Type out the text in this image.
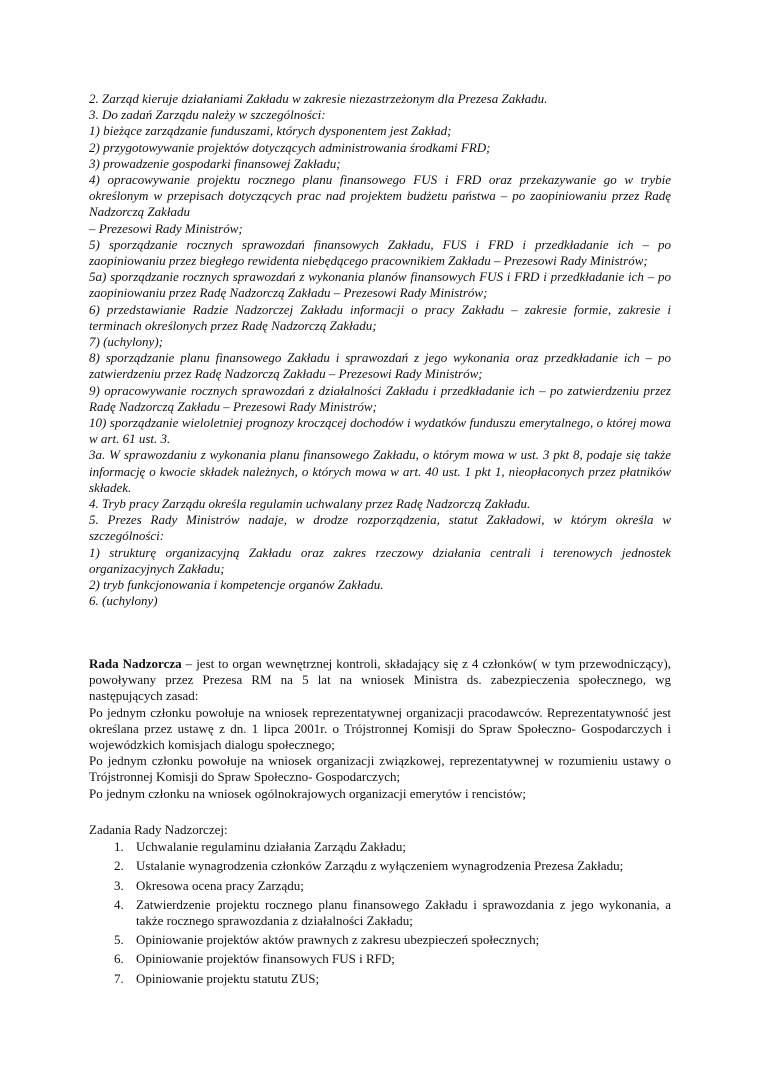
2. Zarząd kieruje działaniami Zakładu w zakresie niezastrzeżonym dla Prezesa Zakładu.

3. Do zadań Zarządu należy w szczególności:

1) bieżące zarządzanie funduszami, których dysponentem jest Zakład;

2) przygotowywanie projektów dotyczących administrowania środkami FRD;

3) prowadzenie gospodarki finansowej Zakładu;

4) opracowywanie projektu rocznego planu finansowego FUS i FRD oraz przekazywanie go w trybie określonym w przepisach dotyczących prac nad projektem budżetu państwa – po zaopiniowaniu przez Radę Nadzorczą Zakładu

– Prezesowi Rady Ministrów;

5) sporządzanie rocznych sprawozdań finansowych Zakładu, FUS i FRD i przedkładanie ich – po zaopiniowaniu przez biegłego rewidenta niebędącego pracownikiem Zakładu – Prezesowi Rady Ministrów;

5a) sporządzanie rocznych sprawozdań z wykonania planów finansowych FUS i FRD i przedkładanie ich – po zaopiniowaniu przez Radę Nadzorczą Zakładu – Prezesowi Rady Ministrów;

6) przedstawianie Radzie Nadzorczej Zakładu informacji o pracy Zakładu – zakresie formie, zakresie i terminach określonych przez Radę Nadzorczą Zakładu;

7) (uchylony);

8) sporządzanie planu finansowego Zakładu i sprawozdań z jego wykonania oraz przedkładanie ich – po zatwierdzeniu przez Radę Nadzorczą Zakładu – Prezesowi Rady Ministrów;

9) opracowywanie rocznych sprawozdań z działalności Zakładu i przedkładanie ich – po zatwierdzeniu przez Radę Nadzorczą Zakładu – Prezesowi Rady Ministrów;

10) sporządzanie wieloletniej prognozy kroczącej dochodów i wydatków funduszu emerytalnego, o której mowa w art. 61 ust. 3.

3a. W sprawozdaniu z wykonania planu finansowego Zakładu, o którym mowa w ust. 3 pkt 8, podaje się także informację o kwocie składek należnych, o których mowa w art. 40 ust. 1 pkt 1, nieopłaconych przez płatników składek.

4. Tryb pracy Zarządu określa regulamin uchwalany przez Radę Nadzorczą Zakładu.

5. Prezes Rady Ministrów nadaje, w drodze rozporządzenia, statut Zakładowi, w którym określa w szczególności:

1) strukturę organizacyjną Zakładu oraz zakres rzeczowy działania centrali i terenowych jednostek organizacyjnych Zakładu;

2) tryb funkcjonowania i kompetencje organów Zakładu.

6. (uchylony)

Rada Nadzorcza – jest to organ wewnętrznej kontroli, składający się z 4 członków( w tym przewodniczący), powoływany przez Prezesa RM na 5 lat na wniosek Ministra ds. zabezpieczenia społecznego, wg następujących zasad:

Po jednym członku powołuje na wniosek reprezentatywnej organizacji pracodawców. Reprezentatywność jest określana przez ustawę z dn. 1 lipca 2001r. o Trójstronnej Komisji do Spraw Społeczno- Gospodarczych i wojewódzkich komisjach dialogu społecznego;

Po jednym członku powołuje na wniosek organizacji związkowej, reprezentatywnej w rozumieniu ustawy o Trójstronnej Komisji do Spraw Społeczno- Gospodarczych;

Po jednym członku na wniosek ogólnokrajowych organizacji emerytów i rencistów;

Zadania Rady Nadzorczej:

1. Uchwalanie regulaminu działania Zarządu Zakładu;
2. Ustalanie wynagrodzenia członków Zarządu z wyłączeniem wynagrodzenia Prezesa Zakładu;
3. Okresowa ocena pracy Zarządu;
4. Zatwierdzenie projektu rocznego planu finansowego Zakładu i sprawozdania z jego wykonania, a także rocznego sprawozdania z działalności Zakładu;
5. Opiniowanie projektów aktów prawnych z zakresu ubezpieczeń społecznych;
6. Opiniowanie projektów finansowych FUS i RFD;
7. Opiniowanie projektu statutu ZUS;
